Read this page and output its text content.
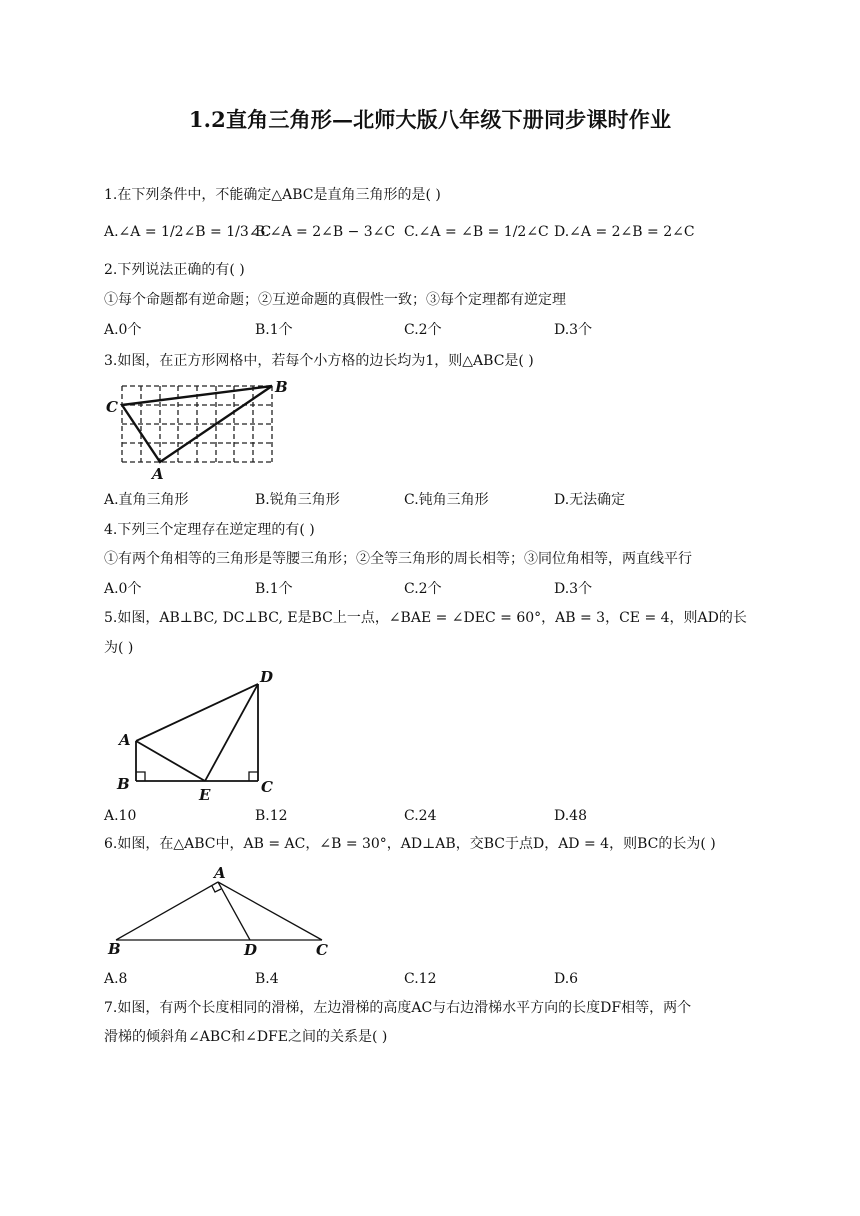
1.2直角三角形—北师大版八年级下册同步课时作业
1.在下列条件中，不能确定△ABC是直角三角形的是( )
A.∠A = 1/2∠B = 1/3∠C
B.∠A = 2∠B − 3∠C C.∠A = ∠B = 1/2∠C D.∠A = 2∠B = 2∠C
2.下列说法正确的有( )
①每个命题都有逆命题；②互逆命题的真假性一致；③每个定理都有逆定理
A.0个	B.1个	C.2个	D.3个
3.如图，在正方形网格中，若每个小方格的边长均为1，则△ABC是( )
C
B
A
A.直角三角形	B.锐角三角形	C.钝角三角形	D.无法确定
4.下列三个定理存在逆定理的有( )
①有两个角相等的三角形是等腰三角形；②全等三角形的周长相等；③同位角相等，两直线平行
A.0个	B.1个	C.2个	D.3个
5.如图，AB⊥BC, DC⊥BC, E是BC上一点，∠BAE = ∠DEC = 60°，AB = 3，CE = 4，则AD的长
为( )
D
A
B
E	C
A.10	B.12	C.24	D.48
6.如图，在△ABC中，AB = AC，∠B = 30°，AD⊥AB，交BC于点D，AD = 4，则BC的长为( )
A
B	D	C
A.8	B.4	C.12	D.6
7.如图，有两个长度相同的滑梯，左边滑梯的高度AC与右边滑梯水平方向的长度DF相等，两个
滑梯的倾斜角∠ABC和∠DFE之间的关系是( )
